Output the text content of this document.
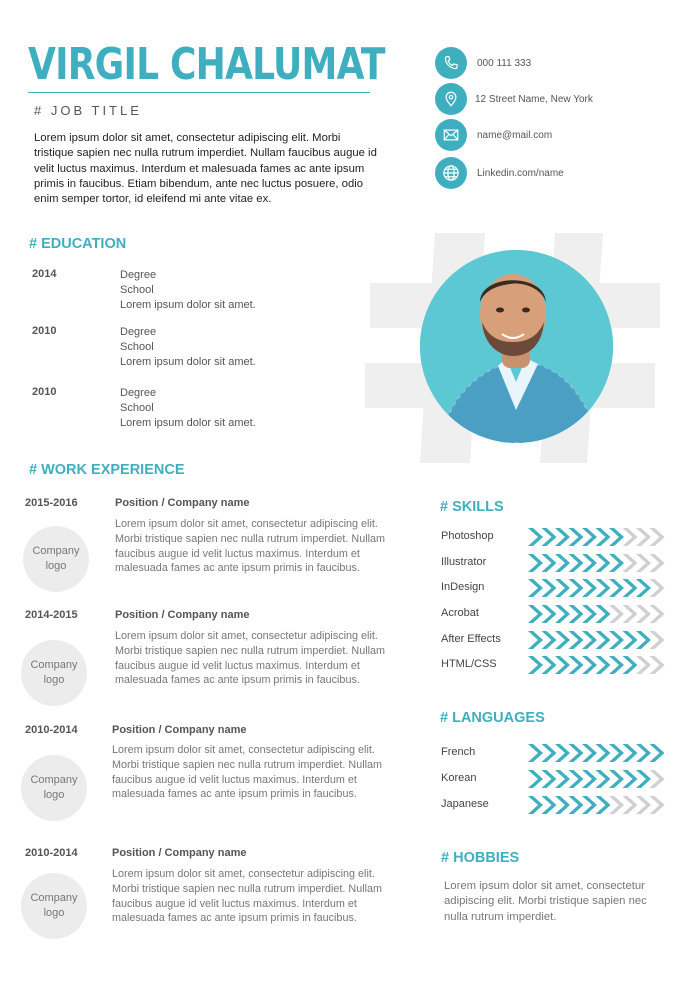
VIRGIL CHALUMAT
# JOB TITLE
Lorem ipsum dolor sit amet, consectetur adipiscing elit. Morbi tristique sapien nec nulla rutrum imperdiet. Nullam faucibus augue id velit luctus maximus. Interdum et malesuada fames ac ante ipsum primis in faucibus. Etiam bibendum, ante nec luctus posuere, odio enim semper tortor, id eleifend mi ante vitae ex.
000 111 333
12 Street Name, New York
name@mail.com
Linkedin.com/name
# EDUCATION
2014	Degree
School
Lorem ipsum dolor sit amet.
2010	Degree
School
Lorem ipsum dolor sit amet.
2010	Degree
School
Lorem ipsum dolor sit amet.
# WORK EXPERIENCE
2015-2016	Position / Company name
Company
logo
Lorem ipsum dolor sit amet, consectetur adipiscing elit. Morbi tristique sapien nec nulla rutrum imperdiet. Nullam faucibus augue id velit luctus maximus. Interdum et malesuada fames ac ante ipsum primis in faucibus.
2014-2015	Position / Company name
Company
logo
Lorem ipsum dolor sit amet, consectetur adipiscing elit. Morbi tristique sapien nec nulla rutrum imperdiet. Nullam faucibus augue id velit luctus maximus. Interdum et malesuada fames ac ante ipsum primis in faucibus.
2010-2014	Position / Company name
Company
logo
Lorem ipsum dolor sit amet, consectetur adipiscing elit. Morbi tristique sapien nec nulla rutrum imperdiet. Nullam faucibus augue id velit luctus maximus. Interdum et malesuada fames ac ante ipsum primis in faucibus.
2010-2014	Position / Company name
Company
logo
Lorem ipsum dolor sit amet, consectetur adipiscing elit. Morbi tristique sapien nec nulla rutrum imperdiet. Nullam faucibus augue id velit luctus maximus. Interdum et malesuada fames ac ante ipsum primis in faucibus.
# SKILLS
Photoshop
Illustrator
InDesign
Acrobat
After Effects
HTML/CSS
# LANGUAGES
French
Korean
Japanese
# HOBBIES
Lorem ipsum dolor sit amet, consectetur adipiscing elit. Morbi tristique sapien nec nulla rutrum imperdiet.
